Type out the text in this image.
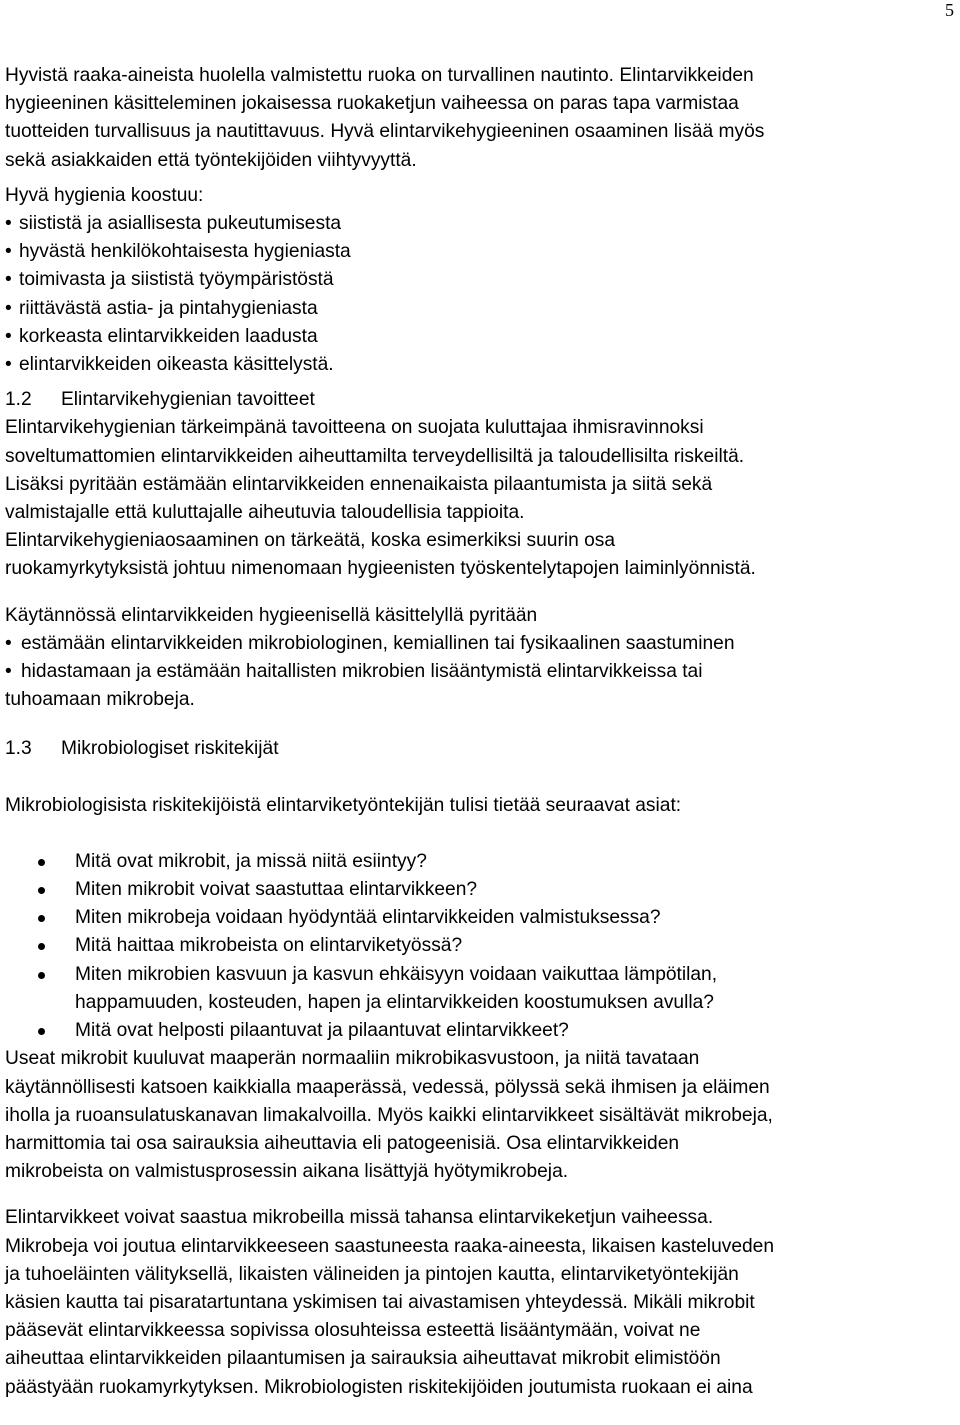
5

Hyvistä raaka-aineista huolella valmistettu ruoka on turvallinen nautinto. Elintarvikkeiden

hygieeninen käsitteleminen jokaisessa ruokaketjun vaiheessa on paras tapa varmistaa

tuotteiden turvallisuus ja nautittavuus. Hyvä elintarvikehygieeninen osaaminen lisää myös

sekä asiakkaiden että työntekijöiden viihtyvyyttä.

Hyvä hygienia koostuu:

• siististä ja asiallisesta pukeutumisesta

• hyvästä henkilökohtaisesta hygieniasta

• toimivasta ja siististä työympäristöstä

• riittävästä astia- ja pintahygieniasta

• korkeasta elintarvikkeiden laadusta

• elintarvikkeiden oikeasta käsittelystä.

1.2 Elintarvikehygienian tavoitteet

Elintarvikehygienian tärkeimpänä tavoitteena on suojata kuluttajaa ihmisravinnoksi

soveltumattomien elintarvikkeiden aiheuttamilta terveydellisiltä ja taloudellisilta riskeiltä.

Lisäksi pyritään estämään elintarvikkeiden ennenaikaista pilaantumista ja siitä sekä

valmistajalle että kuluttajalle aiheutuvia taloudellisia tappioita.

Elintarvikehygieniaosaaminen on tärkeätä, koska esimerkiksi suurin osa

ruokamyrkytyksistä johtuu nimenomaan hygieenisten työskentelytapojen laiminlyönnistä.

Käytännössä elintarvikkeiden hygieenisellä käsittelyllä pyritään

• estämään elintarvikkeiden mikrobiologinen, kemiallinen tai fysikaalinen saastuminen

• hidastamaan ja estämään haitallisten mikrobien lisääntymistä elintarvikkeissa tai

tuhoamaan mikrobeja.

1.3 Mikrobiologiset riskitekijät

Mikrobiologisista riskitekijöistä elintarviketyöntekijän tulisi tietää seuraavat asiat:

Mitä ovat mikrobit, ja missä niitä esiintyy?
Miten mikrobit voivat saastuttaa elintarvikkeen?
Miten mikrobeja voidaan hyödyntää elintarvikkeiden valmistuksessa?
Mitä haittaa mikrobeista on elintarviketyössä?
Miten mikrobien kasvuun ja kasvun ehkäisyyn voidaan vaikuttaa lämpötilan,
happamuuden, kosteuden, hapen ja elintarvikkeiden koostumuksen avulla?
Mitä ovat helposti pilaantuvat ja pilaantuvat elintarvikkeet?

Useat mikrobit kuuluvat maaperän normaaliin mikrobikasvustoon, ja niitä tavataan

käytännöllisesti katsoen kaikkialla maaperässä, vedessä, pölyssä sekä ihmisen ja eläimen

iholla ja ruoansulatuskanavan limakalvoilla. Myös kaikki elintarvikkeet sisältävät mikrobeja,

harmittomia tai osa sairauksia aiheuttavia eli patogeenisiä. Osa elintarvikkeiden

mikrobeista on valmistusprosessin aikana lisättyjä hyötymikrobeja.

Elintarvikkeet voivat saastua mikrobeilla missä tahansa elintarvikeketjun vaiheessa.

Mikrobeja voi joutua elintarvikkeeseen saastuneesta raaka-aineesta, likaisen kasteluveden

ja tuhoeläinten välityksellä, likaisten välineiden ja pintojen kautta, elintarviketyöntekijän

käsien kautta tai pisaratartuntana yskimisen tai aivastamisen yhteydessä. Mikäli mikrobit

pääsevät elintarvikkeessa sopivissa olosuhteissa esteettä lisääntymään, voivat ne

aiheuttaa elintarvikkeiden pilaantumisen ja sairauksia aiheuttavat mikrobit elimistöön

päästyään ruokamyrkytyksen. Mikrobiologisten riskitekijöiden joutumista ruokaan ei aina
